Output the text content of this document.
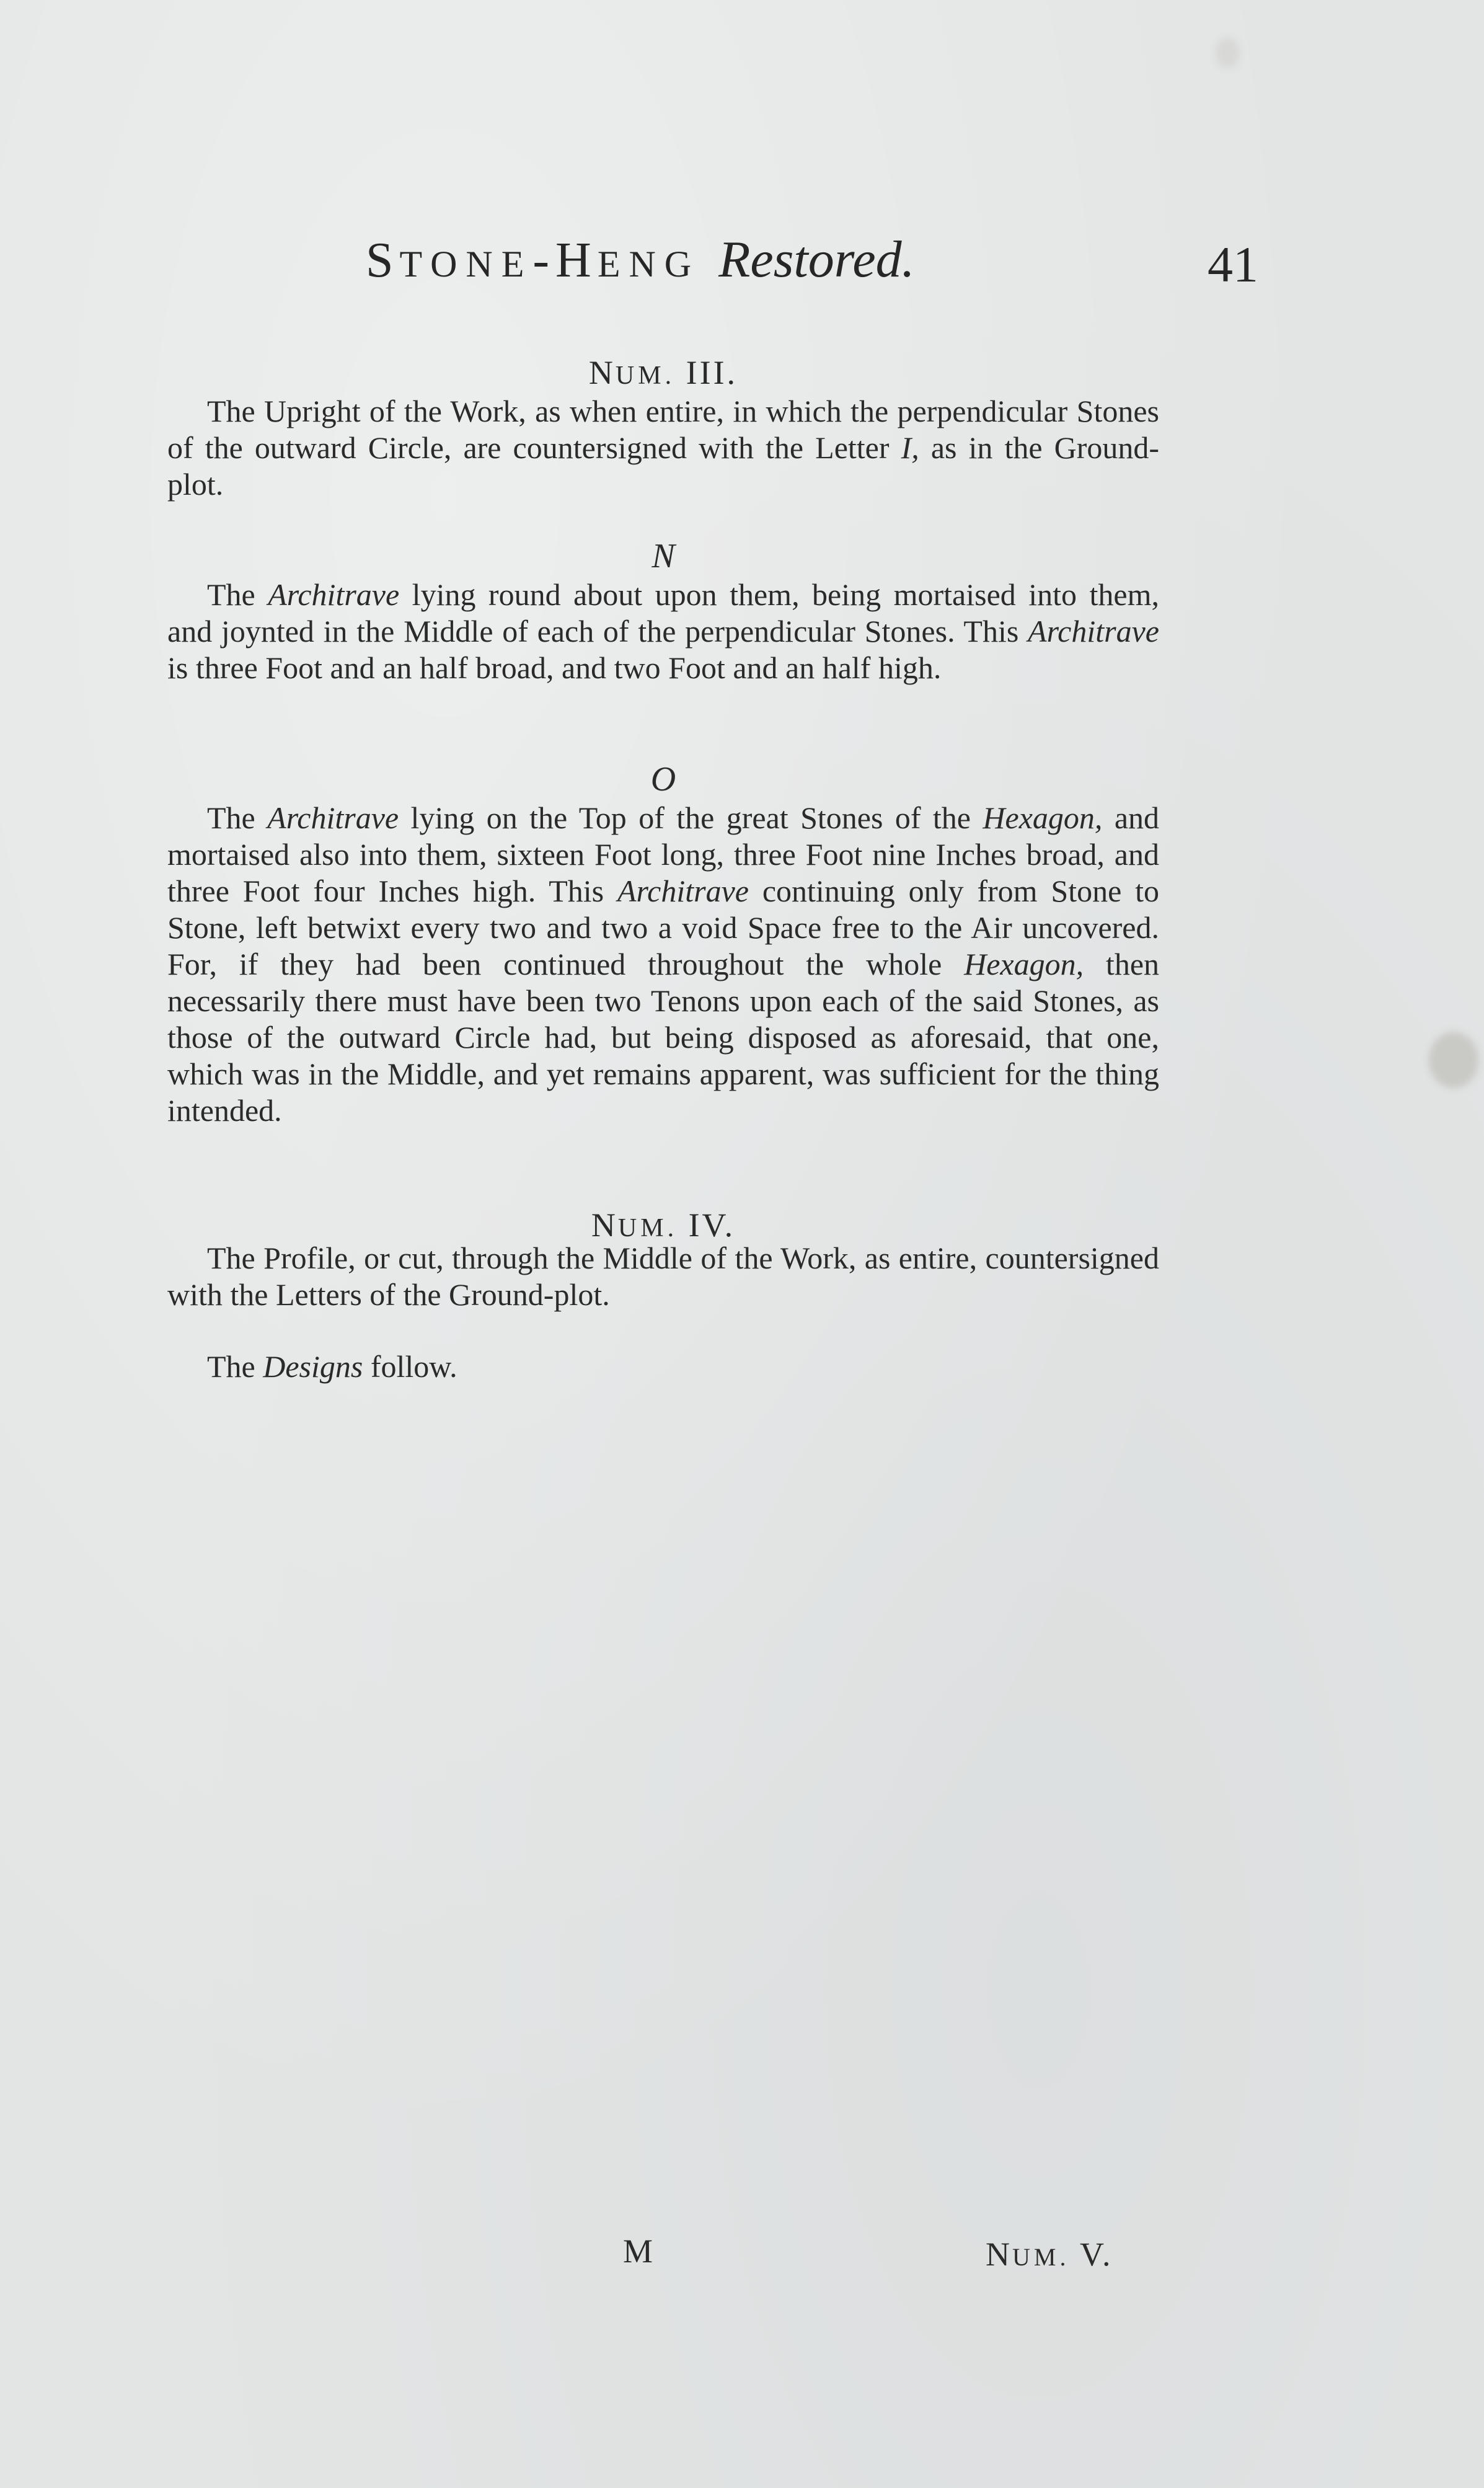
STONE-HENG Restored.	41
NUM. III.

The Upright of the Work, as when entire, in which the perpendicular Stones of the outward Circle, are countersigned with the Letter I, as in the Ground-plot.

N

The Architrave lying round about upon them, being mortaised into them, and joynted in the Middle of each of the perpendicular Stones. This Architrave is three Foot and an half broad, and two Foot and an half high.

O

The Architrave lying on the Top of the great Stones of the Hexagon, and mortaised also into them, sixteen Foot long, three Foot nine Inches broad, and three Foot four Inches high. This Architrave continuing only from Stone to Stone, left betwixt every two and two a void Space free to the Air uncovered. For, if they had been continued throughout the whole Hexagon, then necessarily there must have been two Tenons upon each of the said Stones, as those of the outward Circle had, but being disposed as aforesaid, that one, which was in the Middle, and yet remains apparent, was sufficient for the thing intended.

NUM. IV.

The Profile, or cut, through the Middle of the Work, as entire, countersigned with the Letters of the Ground-plot.

The Designs follow.

M	NUM. V.
